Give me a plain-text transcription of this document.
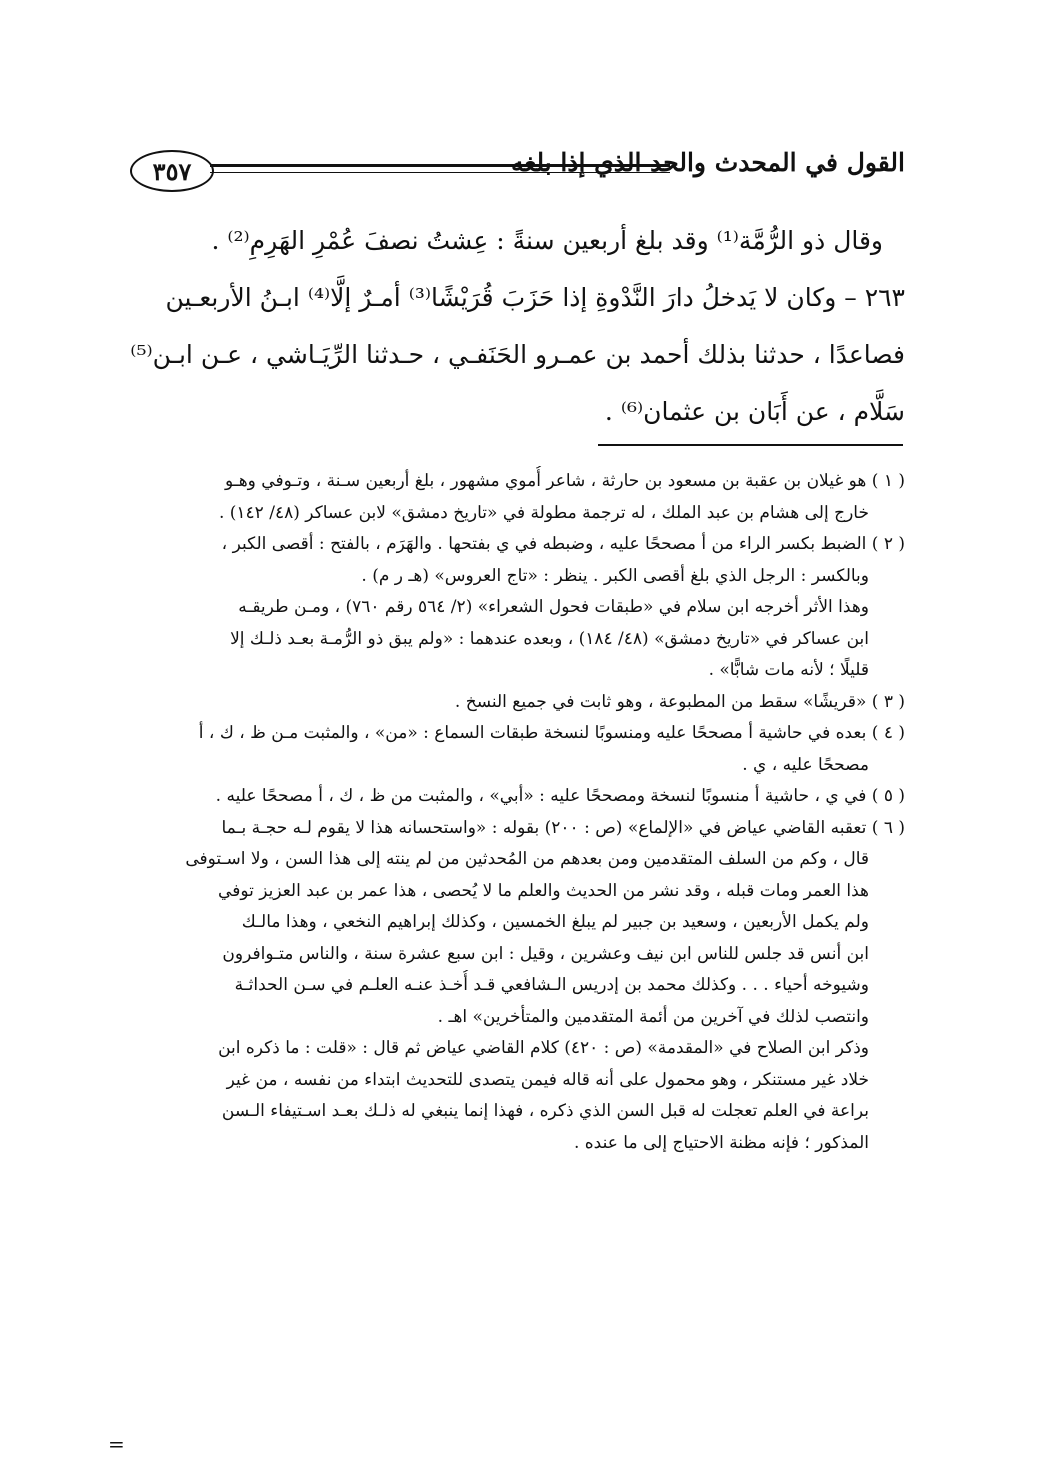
٣٥٧	القول في المحدث والحد الذي إذا بلغه
وقال ذو الرُّمَّة⁽¹⁾ وقد بلغ أربعين سنةً : عِشتُ نصفَ عُمْرِ الهَرِمِ⁽²⁾ .
٢٦٣ – وكان لا يَدخلُ دارَ النَّدْوةِ إذا حَزَبَ قُرَيْشًا⁽³⁾ أمـرٌ إلَّا⁽⁴⁾ ابـنُ الأربعـين
فصاعدًا ، حدثنا بذلك أحمد بن عمـرو الحَنَفـي ، حـدثنا الرِّيَـاشي ، عـن ابـن⁽⁵⁾
سَلَّام ، عن أَبَان بن عثمان⁽⁶⁾ .
( ١ ) هو غيلان بن عقبة بن مسعود بن حارثة ، شاعر أُموي مشهور ، بلغ أربعين سـنة ، وتـوفي وهـو
خارج إلى هشام بن عبد الملك ، له ترجمة مطولة في «تاريخ دمشق» لابن عساكر (٤٨/ ١٤٢) .
( ٢ ) الضبط بكسر الراء من أ مصححًا عليه ، وضبطه في ي بفتحها . والهَرَم ، بالفتح : أقصى الكبر ،
وبالكسر : الرجل الذي بلغ أقصى الكبر . ينظر : «تاج العروس» (هـ ر م) .
وهذا الأثر أخرجه ابن سلام في «طبقات فحول الشعراء» (٢/ ٥٦٤ رقم ٧٦٠) ، ومـن طريقـه
ابن عساكر في «تاريخ دمشق» (٤٨/ ١٨٤) ، وبعده عندهما : «ولم يبق ذو الرُّمـة بعـد ذلـك إلا
قليلًا ؛ لأنه مات شابًّا» .
( ٣ ) «قريشًا» سقط من المطبوعة ، وهو ثابت في جميع النسخ .
( ٤ ) بعده في حاشية أ مصححًا عليه ومنسوبًا لنسخة طبقات السماع : «من» ، والمثبت مـن ظ ، ك ، أ
مصححًا عليه ، ي .
( ٥ ) في ي ، حاشية أ منسوبًا لنسخة ومصححًا عليه : «أبي» ، والمثبت من ظ ، ك ، أ مصححًا عليه .
( ٦ ) تعقبه القاضي عياض في «الإلماع» (ص : ٢٠٠) بقوله : «واستحسانه هذا لا يقوم لـه حجـة بـما
قال ، وكم من السلف المتقدمين ومن بعدهم من المُحدثين من لم ينته إلى هذا السن ، ولا اسـتوفى
هذا العمر ومات قبله ، وقد نشر من الحديث والعلم ما لا يُحصى ، هذا عمر بن عبد العزيز توفي
ولم يكمل الأربعين ، وسعيد بن جبير لم يبلغ الخمسين ، وكذلك إبراهيم النخعي ، وهذا مالـك
ابن أنس قد جلس للناس ابن نيف وعشرين ، وقيل : ابن سبع عشرة سنة ، والناس متـوافرون
وشيوخه أحياء . . . وكذلك محمد بن إدريس الـشافعي قـد أُخـذ عنـه العلـم في سـن الحداثـة
وانتصب لذلك في آخرين من أئمة المتقدمين والمتأخرين» اهـ .
وذكر ابن الصلاح في «المقدمة» (ص : ٤٢٠) كلام القاضي عياض ثم قال : «قلت : ما ذكره ابن
خلاد غير مستنكر ، وهو محمول على أنه قاله فيمن يتصدى للتحديث ابتداء من نفسه ، من غير
براعة في العلم تعجلت له قبل السن الذي ذكره ، فهذا إنما ينبغي له ذلـك بعـد اسـتيفاء الـسن
المذكور ؛ فإنه مظنة الاحتياج إلى ما عنده .
=
